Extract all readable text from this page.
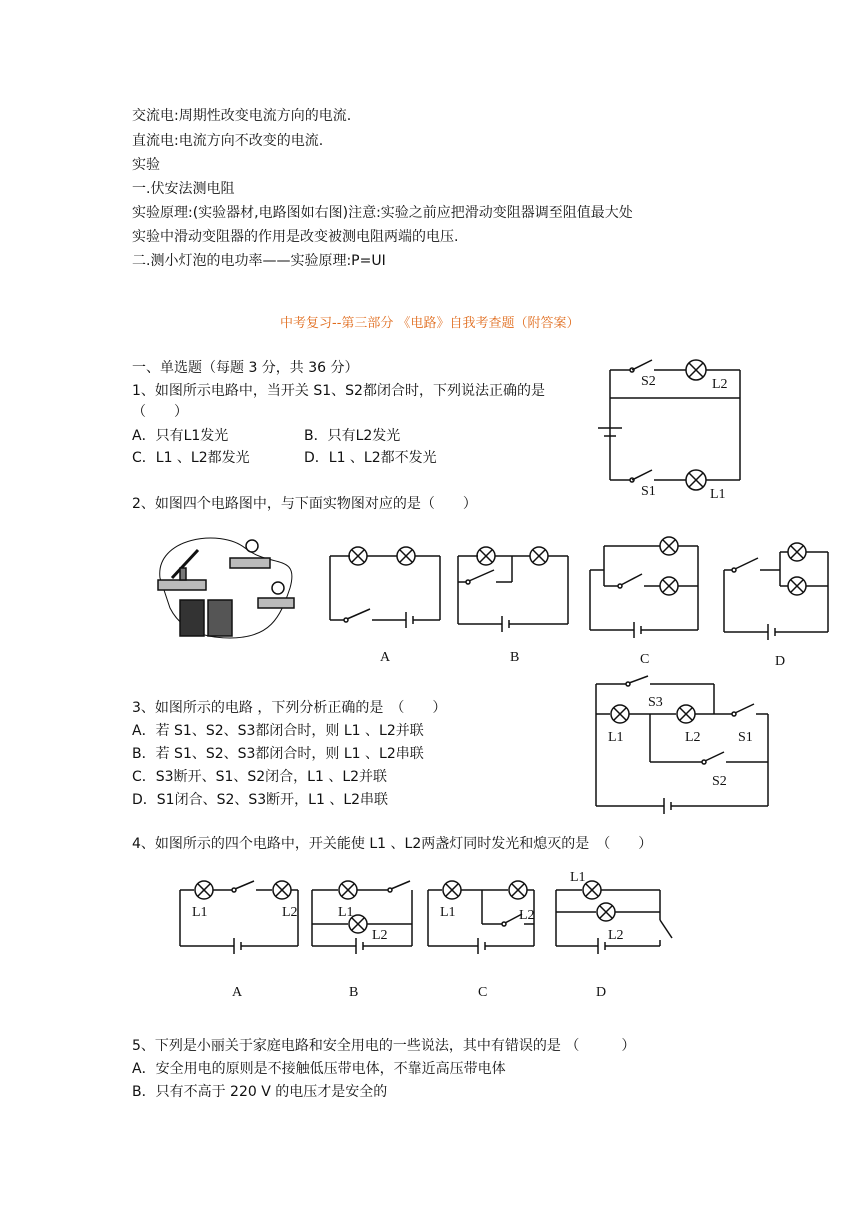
交流电:周期性改变电流方向的电流.
直流电:电流方向不改变的电流.
实验
一.伏安法测电阻
实验原理:(实验器材,电路图如右图)注意:实验之前应把滑动变阻器调至阻值最大处
实验中滑动变阻器的作用是改变被测电阻两端的电压.
二.测小灯泡的电功率——实验原理:P=UI
中考复习--第三部分 《电路》自我考查题（附答案）
一、单选题（每题 3 分，共 36 分）
1、如图所示电路中，当开关 S1、S2都闭合时，下列说法正确的是
（　　）
A．只有L1发光	B．只有L2发光
C．L1 、L2都发光	D．L1 、L2都不发光
S2	L2
S1	L1
2、如图四个电路图中，与下面实物图对应的是（　　）
A	B	C	D
3、如图所示的电路 ，下列分析正确的是　（　　）
A．若 S1、S2、S3都闭合时，则 L1 、L2并联
B．若 S1、S2、S3都闭合时，则 L1 、L2串联
C．S3断开、S1、S2闭合，L1 、L2并联
D．S1闭合、S2、S3断开，L1 、L2串联
S3
L1	L2	S1
S2
4、如图所示的四个电路中，开关能使 L1 、L2两盏灯同时发光和熄灭的是　（　　）
L1	L2
A
L1
L2
B
L1	L2
C
L1
L2
D
5、下列是小丽关于家庭电路和安全用电的一些说法，其中有错误的是 （　　　）
A．安全用电的原则是不接触低压带电体，不靠近高压带电体
B．只有不高于 220 V 的电压才是安全的
